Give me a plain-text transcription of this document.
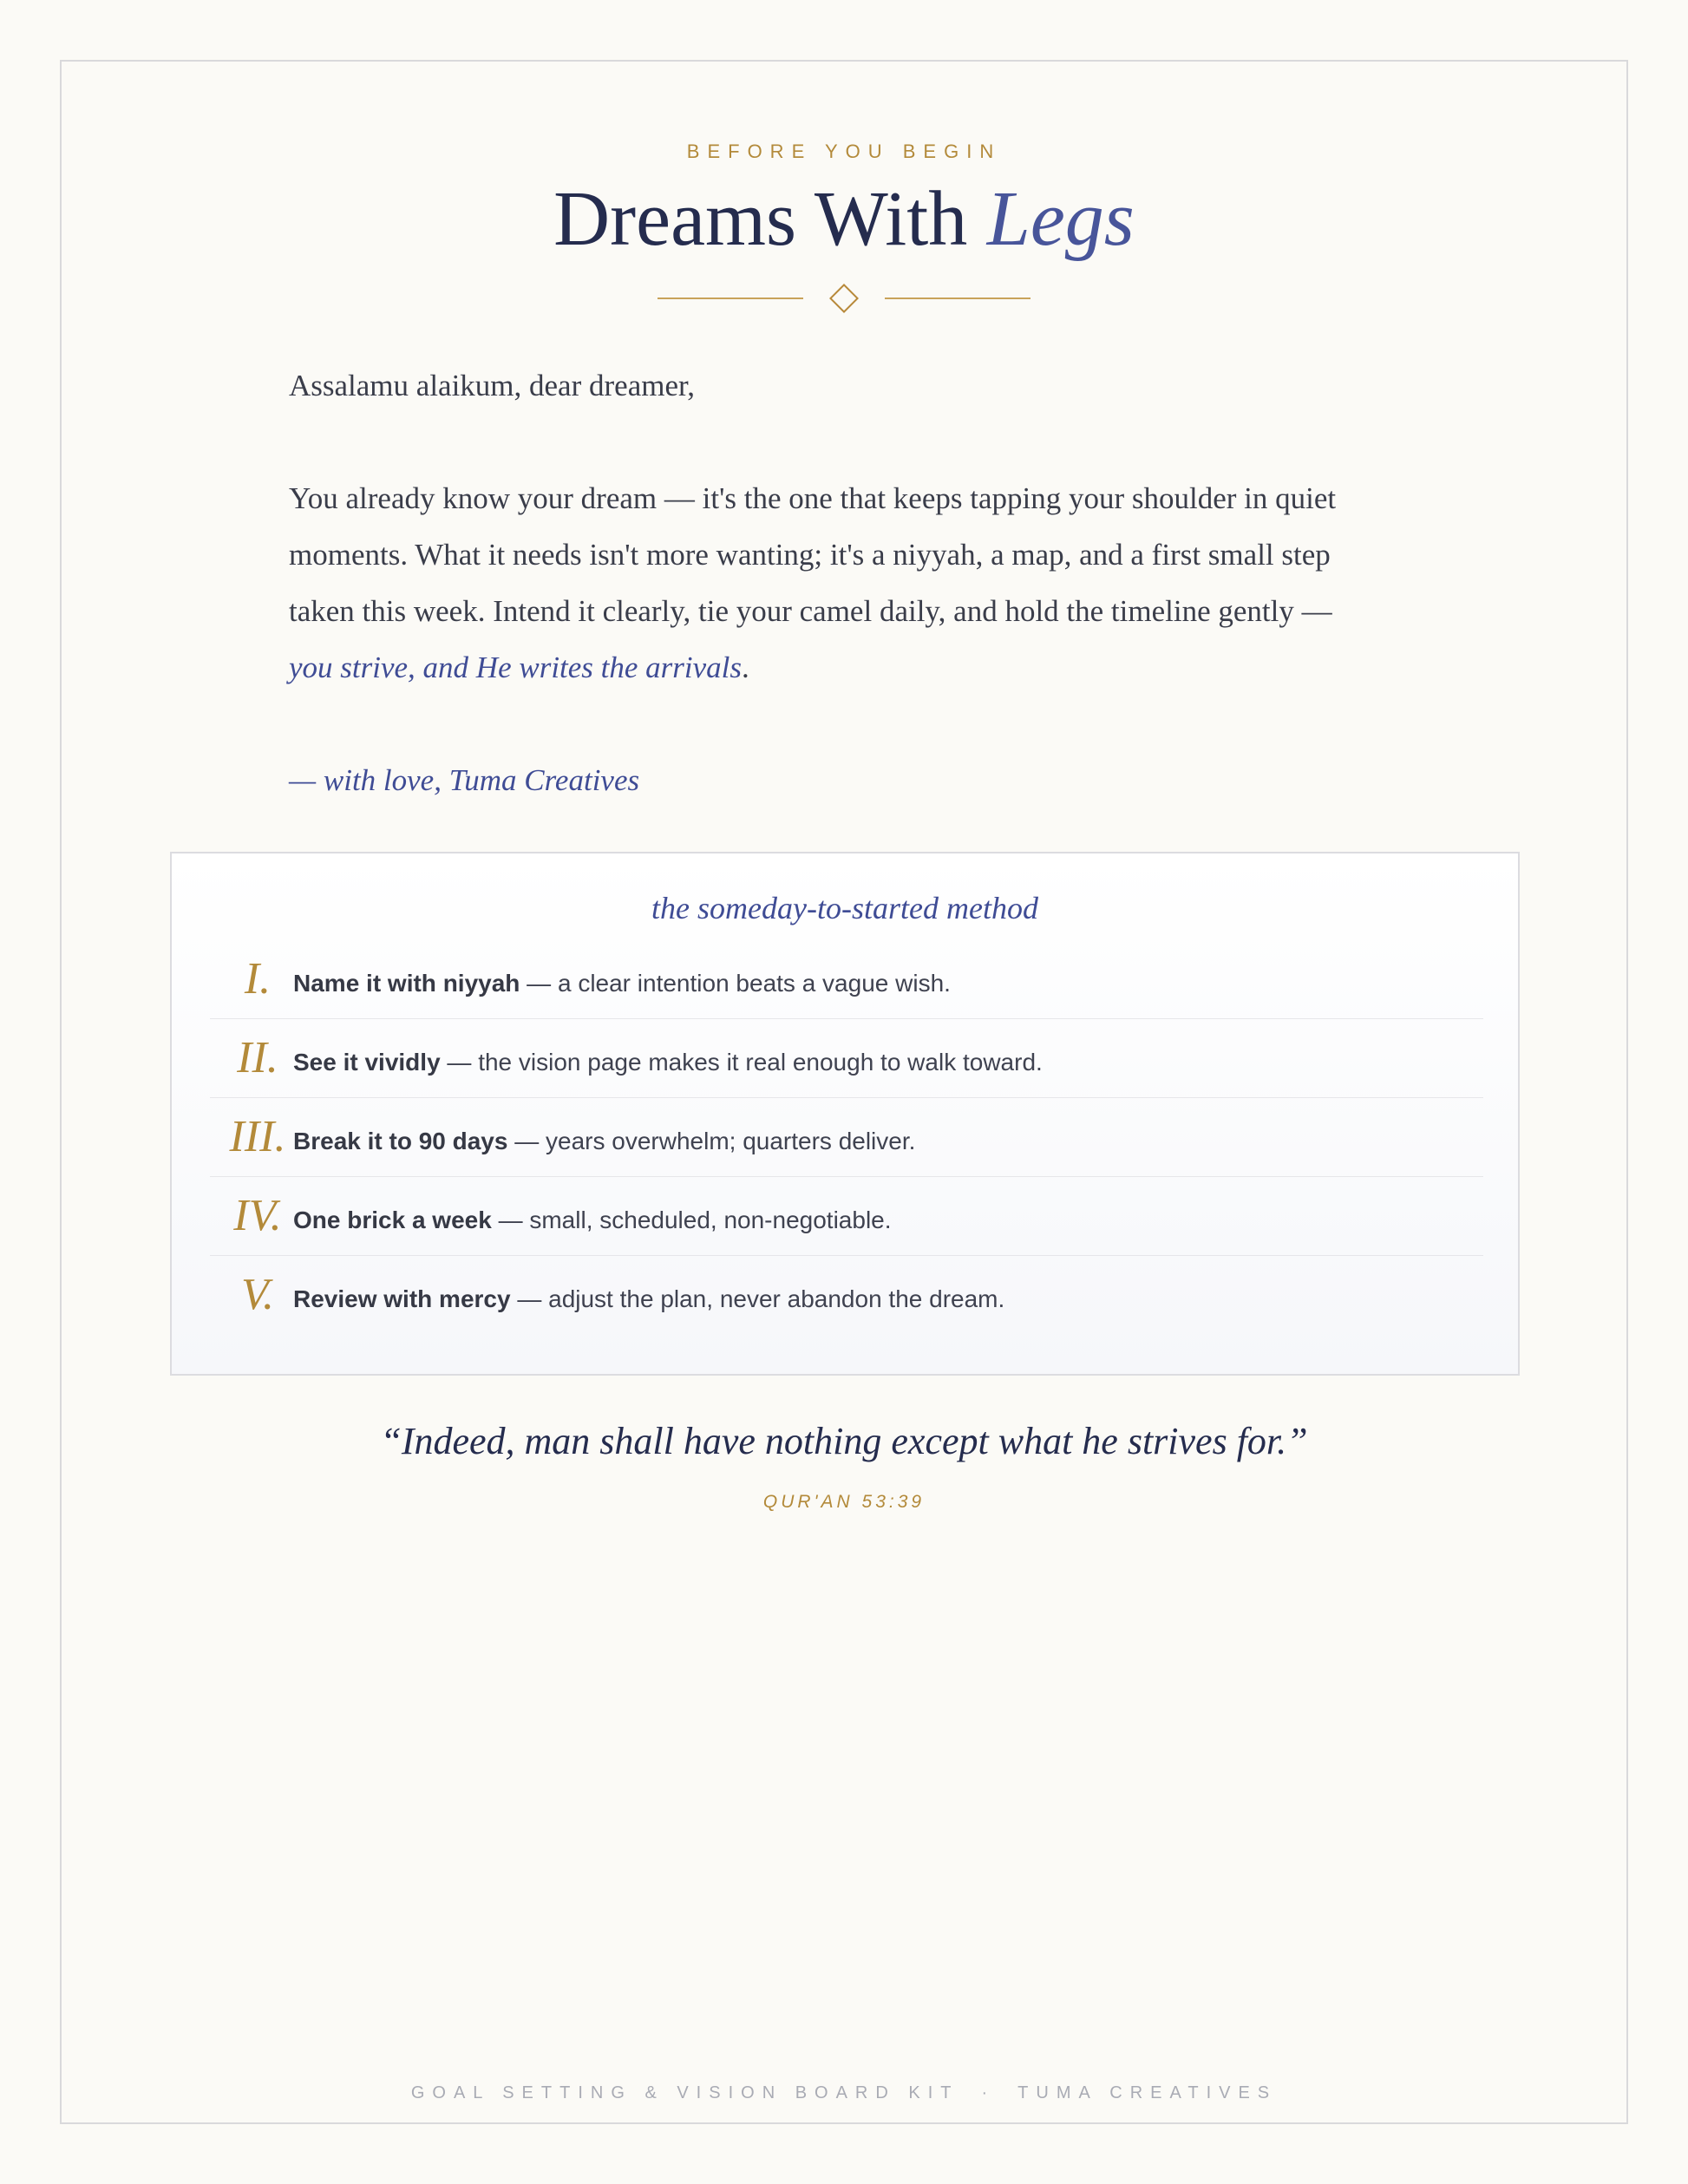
BEFORE YOU BEGIN
Dreams With Legs

Assalamu alaikum, dear dreamer,

You already know your dream — it's the one that keeps tapping your shoulder in quiet moments. What it needs isn't more wanting; it's a niyyah, a map, and a first small step taken this week. Intend it clearly, tie your camel daily, and hold the timeline gently —
you strive, and He writes the arrivals.

— with love, Tuma Creatives

the someday-to-started method
I. Name it with niyyah — a clear intention beats a vague wish.
II. See it vividly — the vision page makes it real enough to walk toward.
III. Break it to 90 days — years overwhelm; quarters deliver.
IV. One brick a week — small, scheduled, non-negotiable.
V. Review with mercy — adjust the plan, never abandon the dream.
“Indeed, man shall have nothing except what he strives for.”
QUR'AN 53:39
GOAL SETTING & VISION BOARD KIT · TUMA CREATIVES
